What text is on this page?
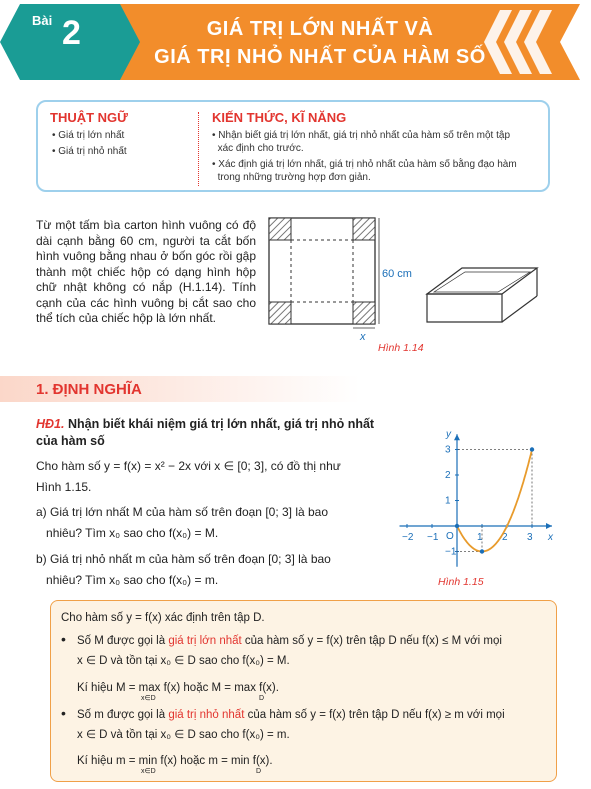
Bài 2	GIÁ TRỊ LỚN NHẤT VÀ
GIÁ TRỊ NHỎ NHẤT CỦA HÀM SỐ
THUẬT NGỮ
• Giá trị lớn nhất
• Giá trị nhỏ nhất
KIẾN THỨC, KĨ NĂNG
• Nhận biết giá trị lớn nhất, giá trị nhỏ nhất của hàm số trên một tập
xác định cho trước.
• Xác định giá trị lớn nhất, giá trị nhỏ nhất của hàm số bằng đạo hàm
trong những trường hợp đơn giản.
Từ một tấm bìa carton hình vuông có độ dài cạnh bằng 60 cm, người ta cắt bốn hình vuông bằng nhau ở bốn góc rồi gập thành một chiếc hộp có dạng hình hộp chữ nhật không có nắp (H.1.14). Tính cạnh của các hình vuông bị cắt sao cho thể tích của chiếc hộp là lớn nhất.
60 cm
x
Hình 1.14
1. ĐỊNH NGHĨA
HĐ1. Nhận biết khái niệm giá trị lớn nhất, giá trị nhỏ nhất
của hàm số
Cho hàm số y = f(x) = x² − 2x với x ∈ [0; 3], có đồ thị như
Hình 1.15.
a) Giá trị lớn nhất M của hàm số trên đoạn [0; 3] là bao
nhiêu? Tìm x₀ sao cho f(x₀) = M.
b) Giá trị nhỏ nhất m của hàm số trên đoạn [0; 3] là bao
nhiêu? Tìm x₀ sao cho f(x₀) = m.
−2 −1	1 2 3
3
2
1
−1
O	x
y
Hình 1.15
Cho hàm số y = f(x) xác định trên tập D.
• Số M được gọi là giá trị lớn nhất của hàm số y = f(x) trên tập D nếu f(x) ≤ M với mọi
x ∈ D và tồn tại x₀ ∈ D sao cho f(x₀) = M.
Kí hiệu M = max f(x) hoặc M = max f(x).
x∈D	D
• Số m được gọi là giá trị nhỏ nhất của hàm số y = f(x) trên tập D nếu f(x) ≥ m với mọi
x ∈ D và tồn tại x₀ ∈ D sao cho f(x₀) = m.
Kí hiệu m = min f(x) hoặc m = min f(x).
x∈D	D
